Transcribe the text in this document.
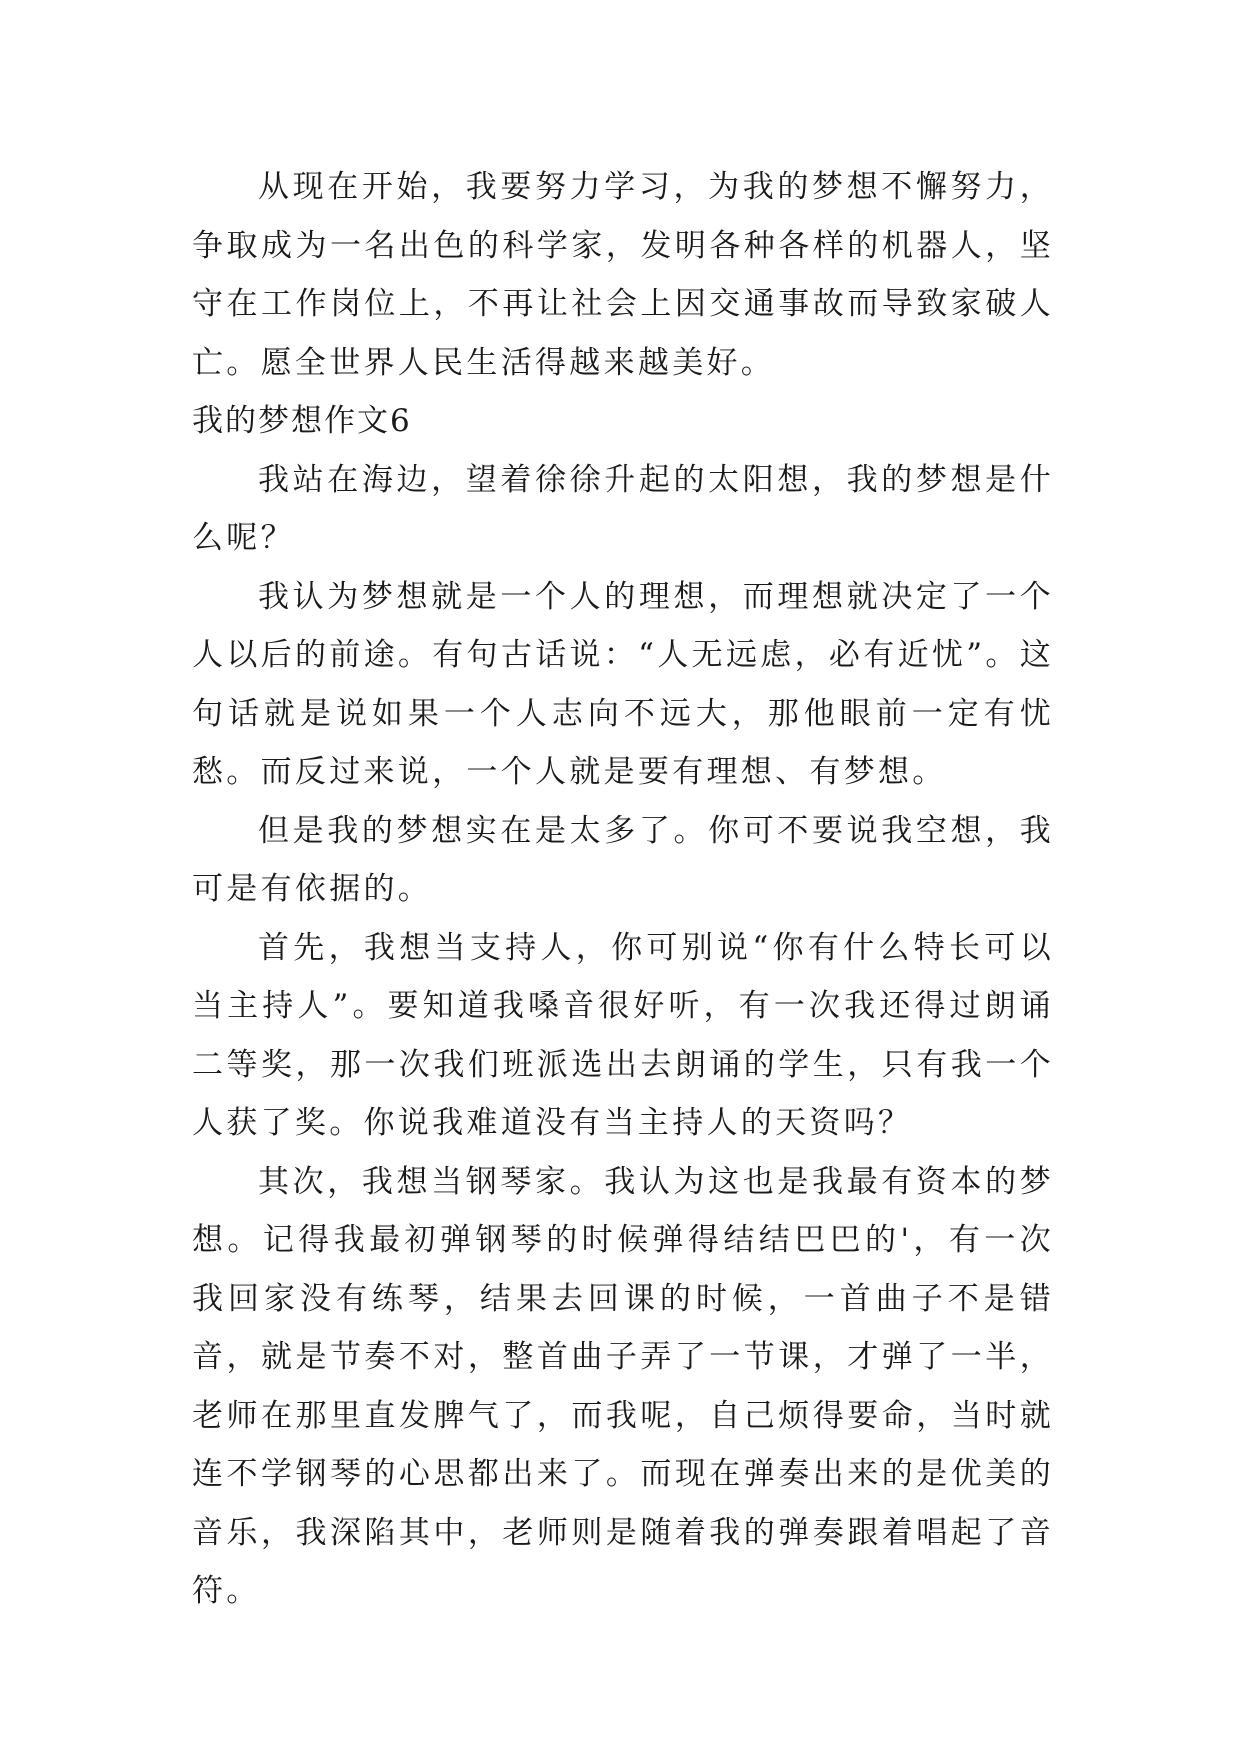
从现在开始，我要努力学习，为我的梦想不懈努力，争取成为一名出色的科学家，发明各种各样的机器人，坚守在工作岗位上，不再让社会上因交通事故而导致家破人亡。愿全世界人民生活得越来越美好。

我的梦想作文6

我站在海边，望着徐徐升起的太阳想，我的梦想是什么呢？

我认为梦想就是一个人的理想，而理想就决定了一个人以后的前途。有句古话说：“人无远虑，必有近忧”。这句话就是说如果一个人志向不远大，那他眼前一定有忧愁。而反过来说，一个人就是要有理想、有梦想。

但是我的梦想实在是太多了。你可不要说我空想，我可是有依据的。

首先，我想当支持人，你可别说“你有什么特长可以当主持人”。要知道我嗓音很好听，有一次我还得过朗诵二等奖，那一次我们班派选出去朗诵的学生，只有我一个人获了奖。你说我难道没有当主持人的天资吗？

其次，我想当钢琴家。我认为这也是我最有资本的梦想。记得我最初弹钢琴的时候弹得结结巴巴的'，有一次我回家没有练琴，结果去回课的时候，一首曲子不是错音，就是节奏不对，整首曲子弄了一节课，才弹了一半，老师在那里直发脾气了，而我呢，自己烦得要命，当时就连不学钢琴的心思都出来了。而现在弹奏出来的是优美的音乐，我深陷其中，老师则是随着我的弹奏跟着唱起了音符。
